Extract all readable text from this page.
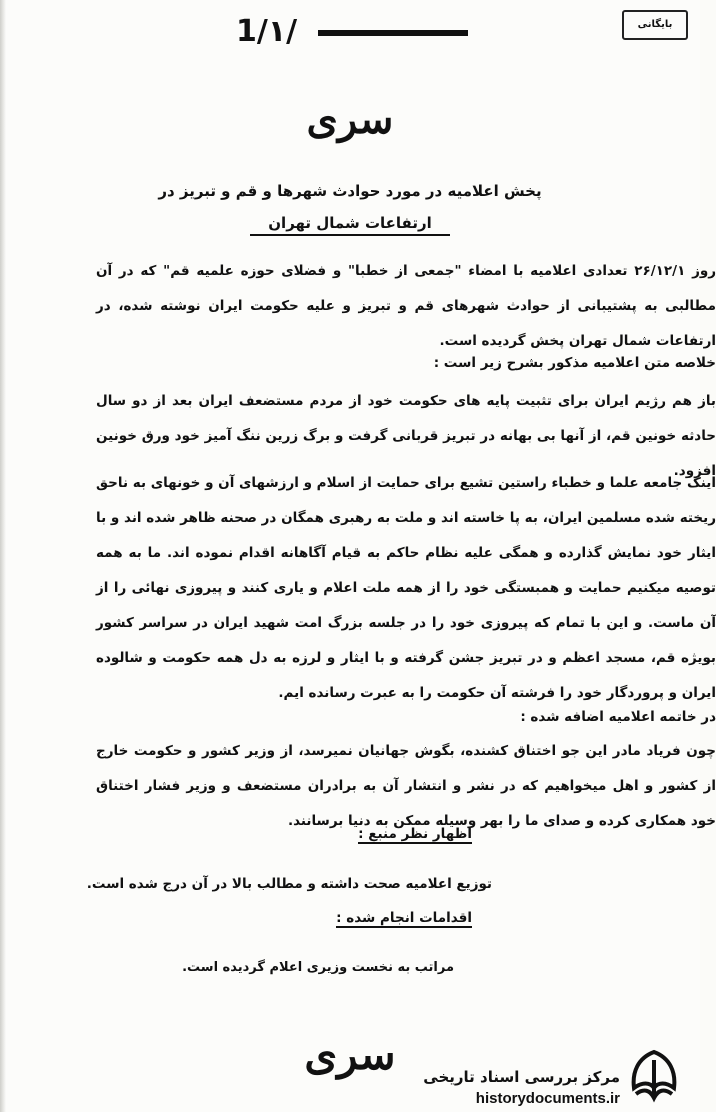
1‎/١/	بایگانی
سری
پخش اعلامیه در مورد حوادث شهرها و قم و تبریز در
ارتفاعات شمال تهران
روز ۲۶/۱۲/۱ تعدادی اعلامیه با امضاء "جمعی از خطبا" و فضلای حوزه علمیه قم" که در آن مطالبی به پشتیبانی از حوادث شهرهای قم و تبریز و علیه حکومت ایران نوشته شده، در ارتفاعات شمال تهران پخش گردیده است.
خلاصه متن اعلامیه مذکور بشرح زیر است :
باز هم رژیم ایران برای تثبیت پایه های حکومت خود از مردم مستضعف ایران بعد از دو سال حادثه خونین قم، از آنها بی بهانه در تبریز قربانی گرفت و برگ زرین ننگ آمیز خود ورق خونین افزود.
اینک جامعه علما و خطباء راستین تشیع برای حمایت از اسلام و ارزشهای آن و خونهای به ناحق ریخته شده مسلمین ایران، به پا خاسته اند و ملت به رهبری همگان در صحنه ظاهر شده اند و با ایثار خود نمایش گذارده و همگی علیه نظام حاکم به قیام آگاهانه اقدام نموده اند. ما به همه توصیه میکنیم حمایت و همبستگی خود را از همه ملت اعلام و یاری کنند و پیروزی نهائی را از آن ماست. و این با تمام که پیروزی خود را در جلسه بزرگ امت شهید ایران در سراسر کشور بویژه قم، مسجد اعظم و در تبریز جشن گرفته و با ایثار و لرزه به دل همه حکومت و شالوده ایران و پروردگار خود را فرشته آن حکومت را به عبرت رسانده ایم.
در خاتمه اعلامیه اضافه شده :
چون فریاد مادر این جو اختناق کشنده، بگوش جهانیان نمیرسد، از وزیر کشور و حکومت خارج از کشور و اهل میخواهیم که در نشر و انتشار آن به برادران مستضعف و وزیر فشار اختناق خود همکاری کرده و صدای ما را بهر وسیله ممکن به دنیا برسانند.
اظهار نظر منبع :
توزیع اعلامیه صحت داشته و مطالب بالا در آن درج شده است.
اقدامات انجام شده :
مراتب به نخست وزیری اعلام گردیده است.
سری	مرکز بررسی اسناد تاریخی
historydocuments.ir
